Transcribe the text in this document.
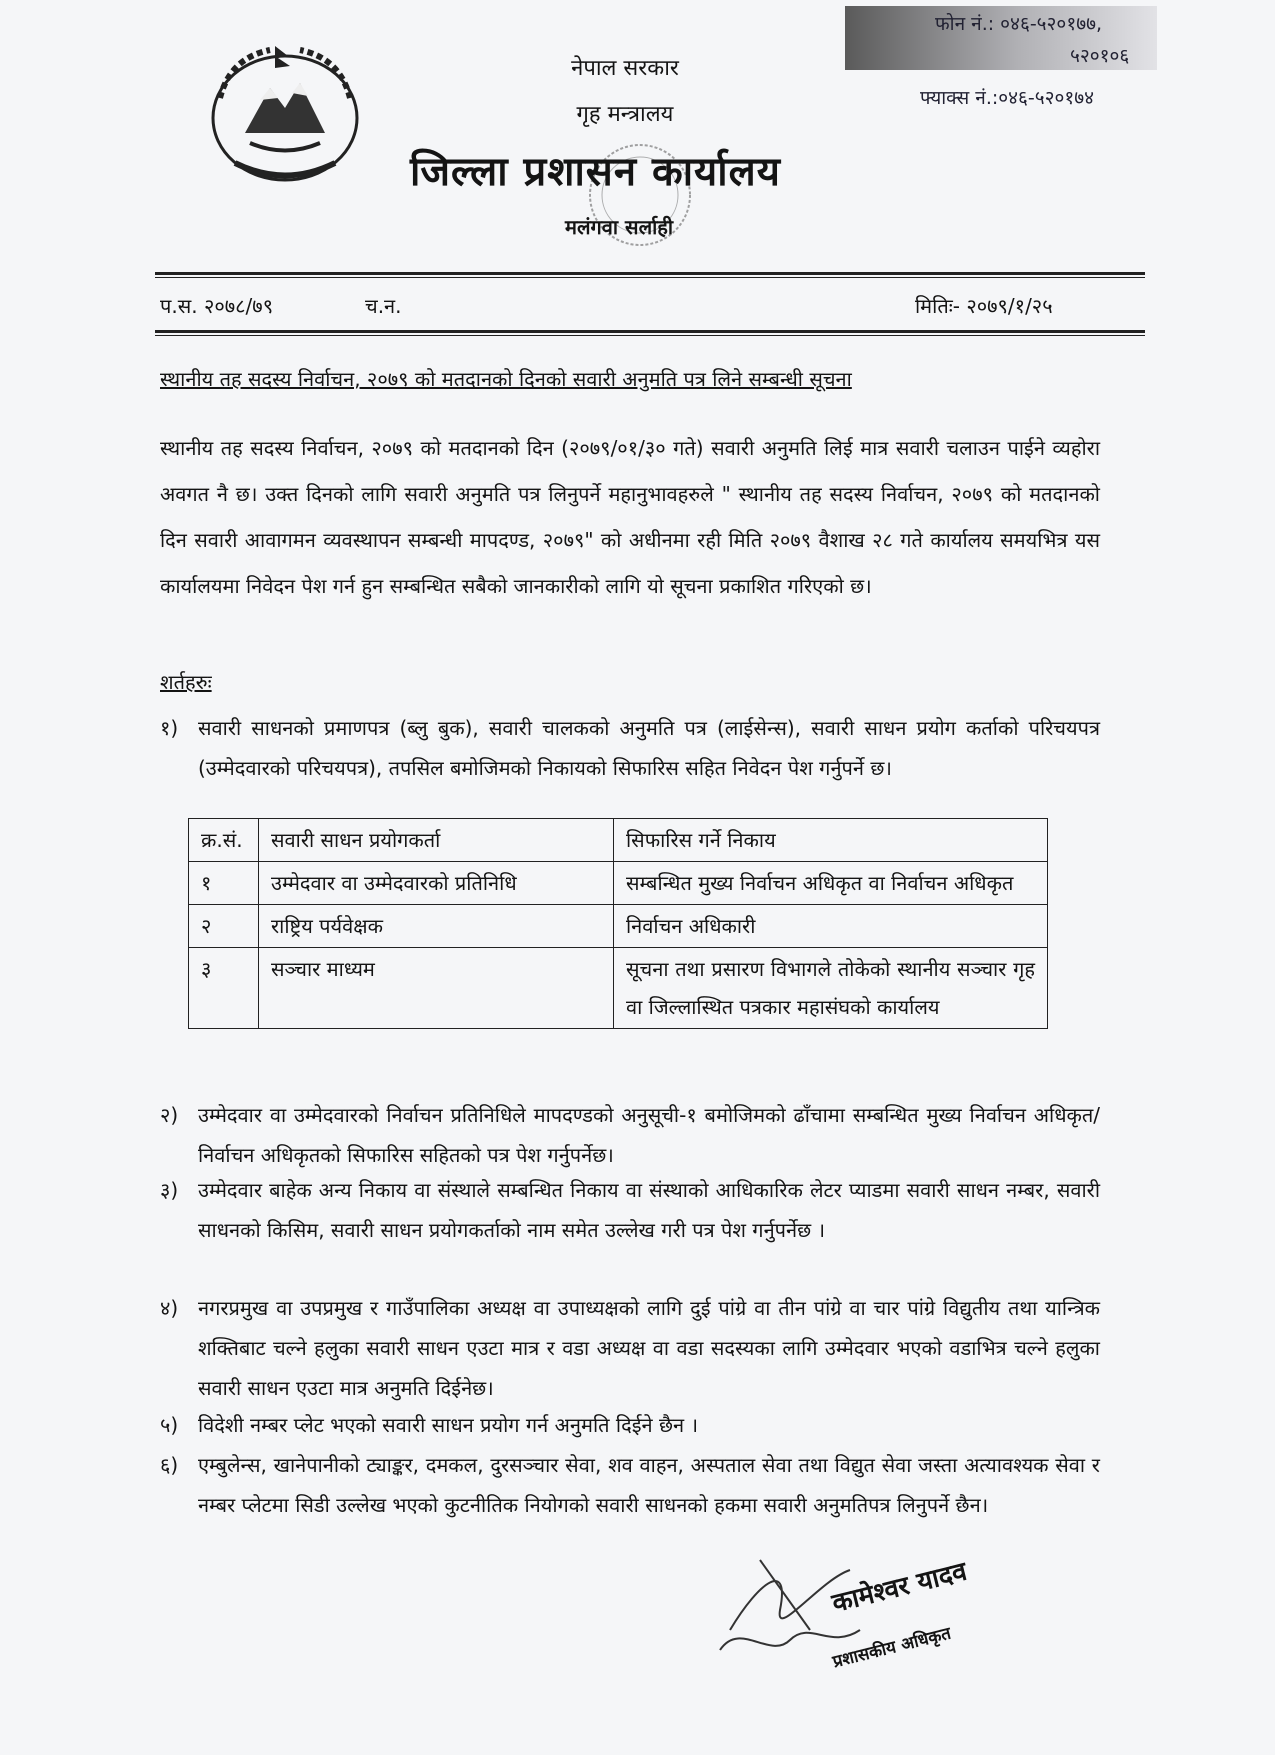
नेपाल सरकार
गृह मन्त्रालय
जिल्ला प्रशासन कार्यालय
मलंगवा सर्लाही
फोन नं.: ०४६-५२०१७७,
५२०१०६
फ्याक्स नं.:०४६-५२०१७४
प.स. २०७८/७९	च.न.	मितिः- २०७९/१/२५
स्थानीय तह सदस्य निर्वाचन, २०७९ को मतदानको दिनको सवारी अनुमति पत्र लिने सम्बन्धी सूचना
स्थानीय तह सदस्य निर्वाचन, २०७९ को मतदानको दिन (२०७९/०१/३० गते) सवारी अनुमति लिई मात्र सवारी चलाउन पाईने व्यहोरा अवगत नै छ। उक्त दिनको लागि सवारी अनुमति पत्र लिनुपर्ने महानुभावहरुले " स्थानीय तह सदस्य निर्वाचन, २०७९ को मतदानको दिन सवारी आवागमन व्यवस्थापन सम्बन्धी मापदण्ड, २०७९" को अधीनमा रही मिति २०७९ वैशाख २८ गते कार्यालय समयभित्र यस कार्यालयमा निवेदन पेश गर्न हुन सम्बन्धित सबैको जानकारीको लागि यो सूचना प्रकाशित गरिएको छ।
शर्तहरुः
१) सवारी साधनको प्रमाणपत्र (ब्लु बुक), सवारी चालकको अनुमति पत्र (लाईसेन्स), सवारी साधन प्रयोग कर्ताको परिचयपत्र (उम्मेदवारको परिचयपत्र), तपसिल बमोजिमको निकायको सिफारिस सहित निवेदन पेश गर्नुपर्ने छ।
क्र.सं.	सवारी साधन प्रयोगकर्ता	सिफारिस गर्ने निकाय
१	उम्मेदवार वा उम्मेदवारको प्रतिनिधि	सम्बन्धित मुख्य निर्वाचन अधिकृत वा निर्वाचन अधिकृत
२	राष्ट्रिय पर्यवेक्षक	निर्वाचन अधिकारी
३	सञ्चार माध्यम	सूचना तथा प्रसारण विभागले तोकेको स्थानीय सञ्चार गृह वा जिल्लास्थित पत्रकार महासंघको कार्यालय
२) उम्मेदवार वा उम्मेदवारको निर्वाचन प्रतिनिधिले मापदण्डको अनुसूची-१ बमोजिमको ढाँचामा सम्बन्धित मुख्य निर्वाचन अधिकृत/निर्वाचन अधिकृतको सिफारिस सहितको पत्र पेश गर्नुपर्नेछ।
३) उम्मेदवार बाहेक अन्य निकाय वा संस्थाले सम्बन्धित निकाय वा संस्थाको आधिकारिक लेटर प्याडमा सवारी साधन नम्बर, सवारी साधनको किसिम, सवारी साधन प्रयोगकर्ताको नाम समेत उल्लेख गरी पत्र पेश गर्नुपर्नेछ ।
४) नगरप्रमुख वा उपप्रमुख र गाउँपालिका अध्यक्ष वा उपाध्यक्षको लागि दुई पांग्रे वा तीन पांग्रे वा चार पांग्रे विद्युतीय तथा यान्त्रिक शक्तिबाट चल्ने हलुका सवारी साधन एउटा मात्र र वडा अध्यक्ष वा वडा सदस्यका लागि उम्मेदवार भएको वडाभित्र चल्ने हलुका सवारी साधन एउटा मात्र अनुमति दिईनेछ।
५) विदेशी नम्बर प्लेट भएको सवारी साधन प्रयोग गर्न अनुमति दिईने छैन ।
६) एम्बुलेन्स, खानेपानीको ट्याङ्कर, दमकल, दुरसञ्चार सेवा, शव वाहन, अस्पताल सेवा तथा विद्युत सेवा जस्ता अत्यावश्यक सेवा र नम्बर प्लेटमा सिडी उल्लेख भएको कुटनीतिक नियोगको सवारी साधनको हकमा सवारी अनुमतिपत्र लिनुपर्ने छैन।
कामेश्वर यादव
प्रशासकीय अधिकृत
